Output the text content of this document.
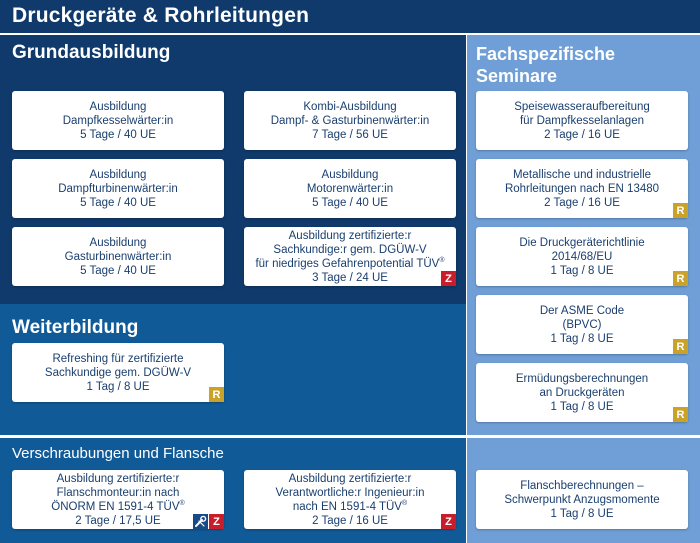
Druckgeräte & Rohrleitungen
Grundausbildung
Weiterbildung
Verschraubungen und Flansche
Fachspezifische Seminare
Ausbildung
Dampfkesselwärter:in
5 Tage / 40 UE
Kombi-Ausbildung
Dampf- & Gasturbinenwärter:in
7 Tage / 56 UE
Ausbildung
Dampfturbinenwärter:in
5 Tage / 40 UE
Ausbildung
Motorenwärter:in
5 Tage / 40 UE
Ausbildung
Gasturbinenwärter:in
5 Tage / 40 UE
Ausbildung zertifizierte:r
Sachkundige:r gem. DGÜW-V
für niedriges Gefahrenpotential TÜV®
3 Tage / 24 UE	Z
Refreshing für zertifizierte
Sachkundige gem. DGÜW-V
1 Tag / 8 UE
R
Ausbildung zertifizierte:r
Flanschmonteur:in nach
ÖNORM EN 1591-4 TÜV®
2 Tage / 17,5 UE	Z
Ausbildung zertifizierte:r
Verantwortliche:r Ingenieur:in
nach EN 1591-4 TÜV®
2 Tage / 16 UE	Z
Speisewasseraufbereitung
für Dampfkesselanlagen
2 Tage / 16 UE
Metallische und industrielle
Rohrleitungen nach EN 13480
2 Tage / 16 UE
R
Die Druckgeräterichtlinie
2014/68/EU
1 Tag / 8 UE
R
Der ASME Code
(BPVC)
1 Tag / 8 UE
R
Ermüdungsberechnungen
an Druckgeräten
1 Tag / 8 UE
R
Flanschberechnungen –
Schwerpunkt Anzugsmomente
1 Tag / 8 UE
